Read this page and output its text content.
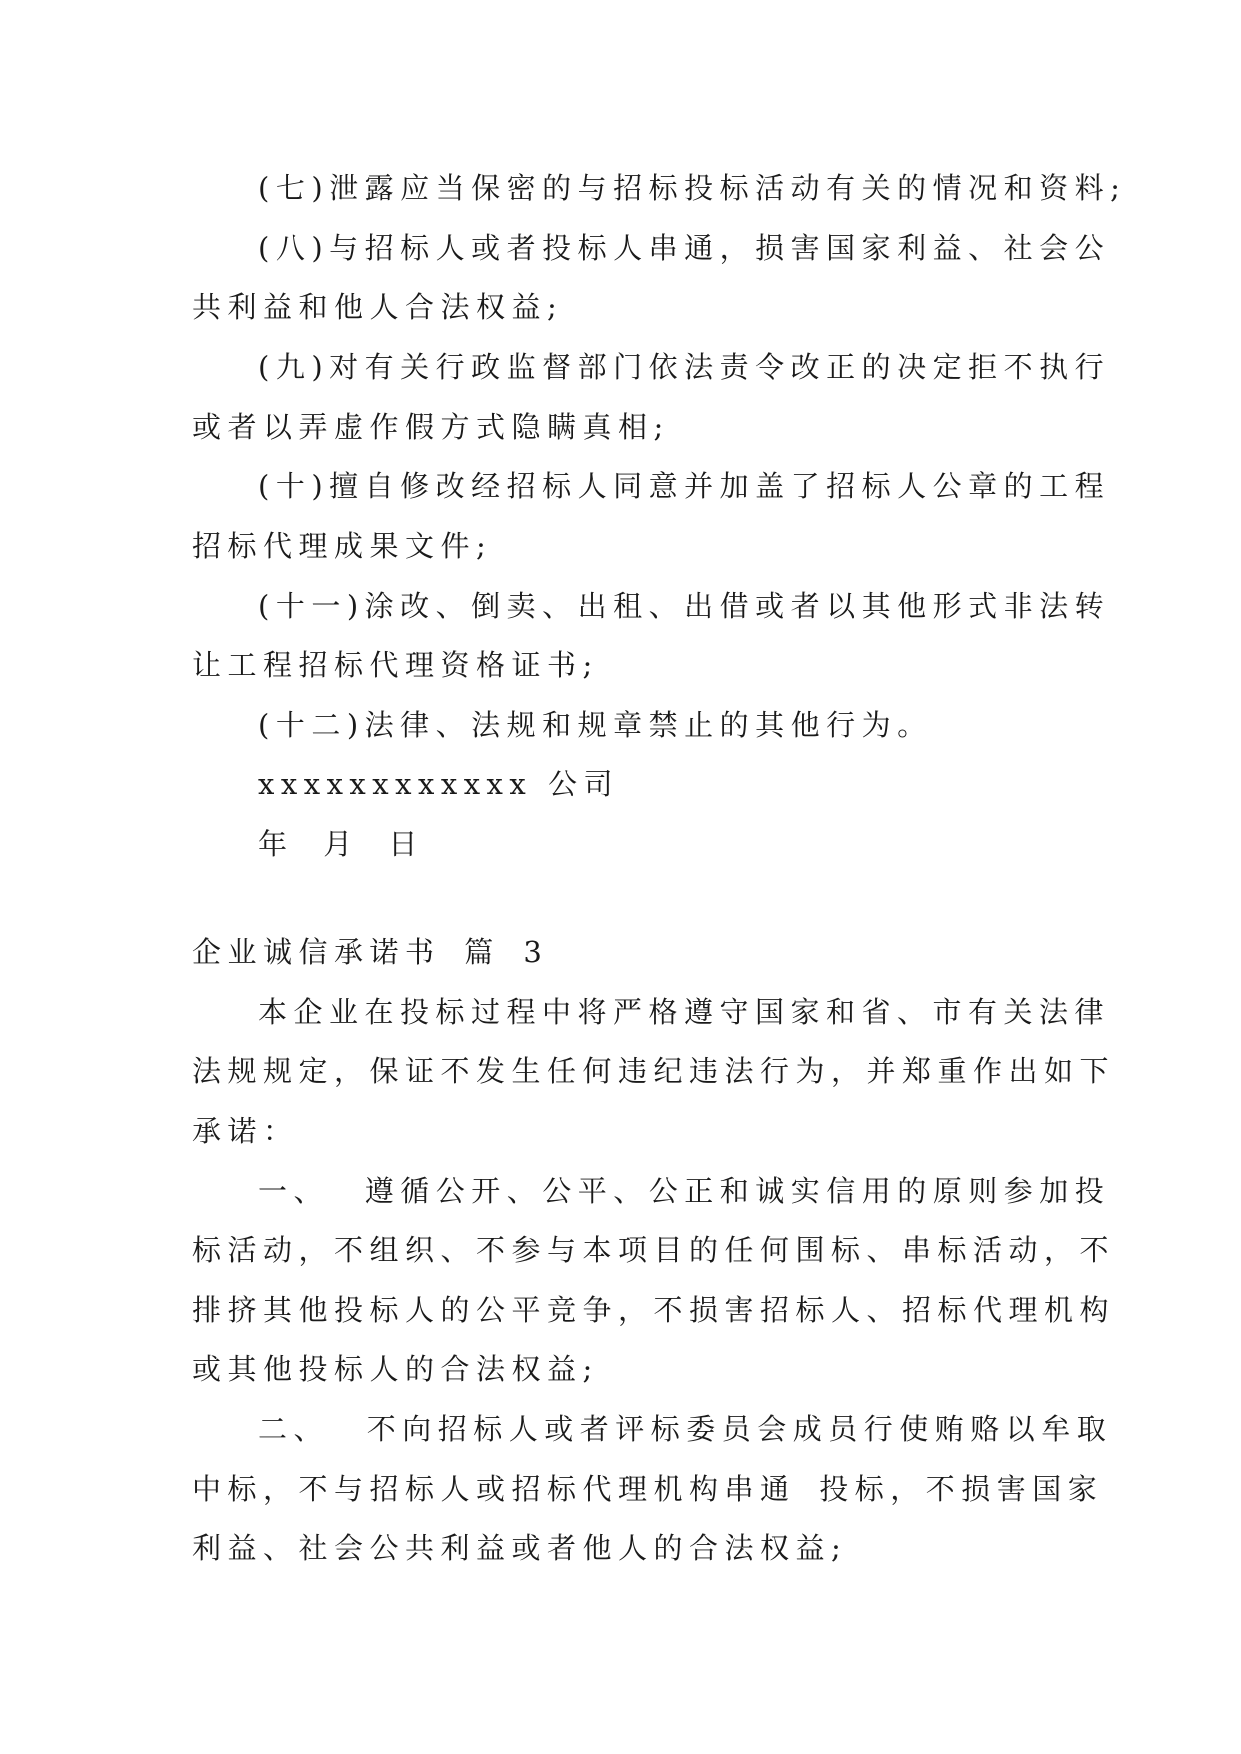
(七)泄露应当保密的与招标投标活动有关的情况和资料;
(八)与招标人或者投标人串通，损害国家利益、社会公
共利益和他人合法权益;
(九)对有关行政监督部门依法责令改正的决定拒不执行
或者以弄虚作假方式隐瞒真相;
(十)擅自修改经招标人同意并加盖了招标人公章的工程
招标代理成果文件;
(十一)涂改、倒卖、出租、出借或者以其他形式非法转
让工程招标代理资格证书;
(十二)法律、法规和规章禁止的其他行为。
xxxxxxxxxxxx 公司
年 月 日
企业诚信承诺书 篇 3
本企业在投标过程中将严格遵守国家和省、市有关法律
法规规定，保证不发生任何违纪违法行为，并郑重作出如下
承诺：
一、 遵循公开、公平、公正和诚实信用的原则参加投
标活动，不组织、不参与本项目的任何围标、串标活动，不
排挤其他投标人的公平竞争，不损害招标人、招标代理机构
或其他投标人的合法权益;
二、 不向招标人或者评标委员会成员行使贿赂以牟取
中标，不与招标人或招标代理机构串通 投标，不损害国家
利益、社会公共利益或者他人的合法权益;
